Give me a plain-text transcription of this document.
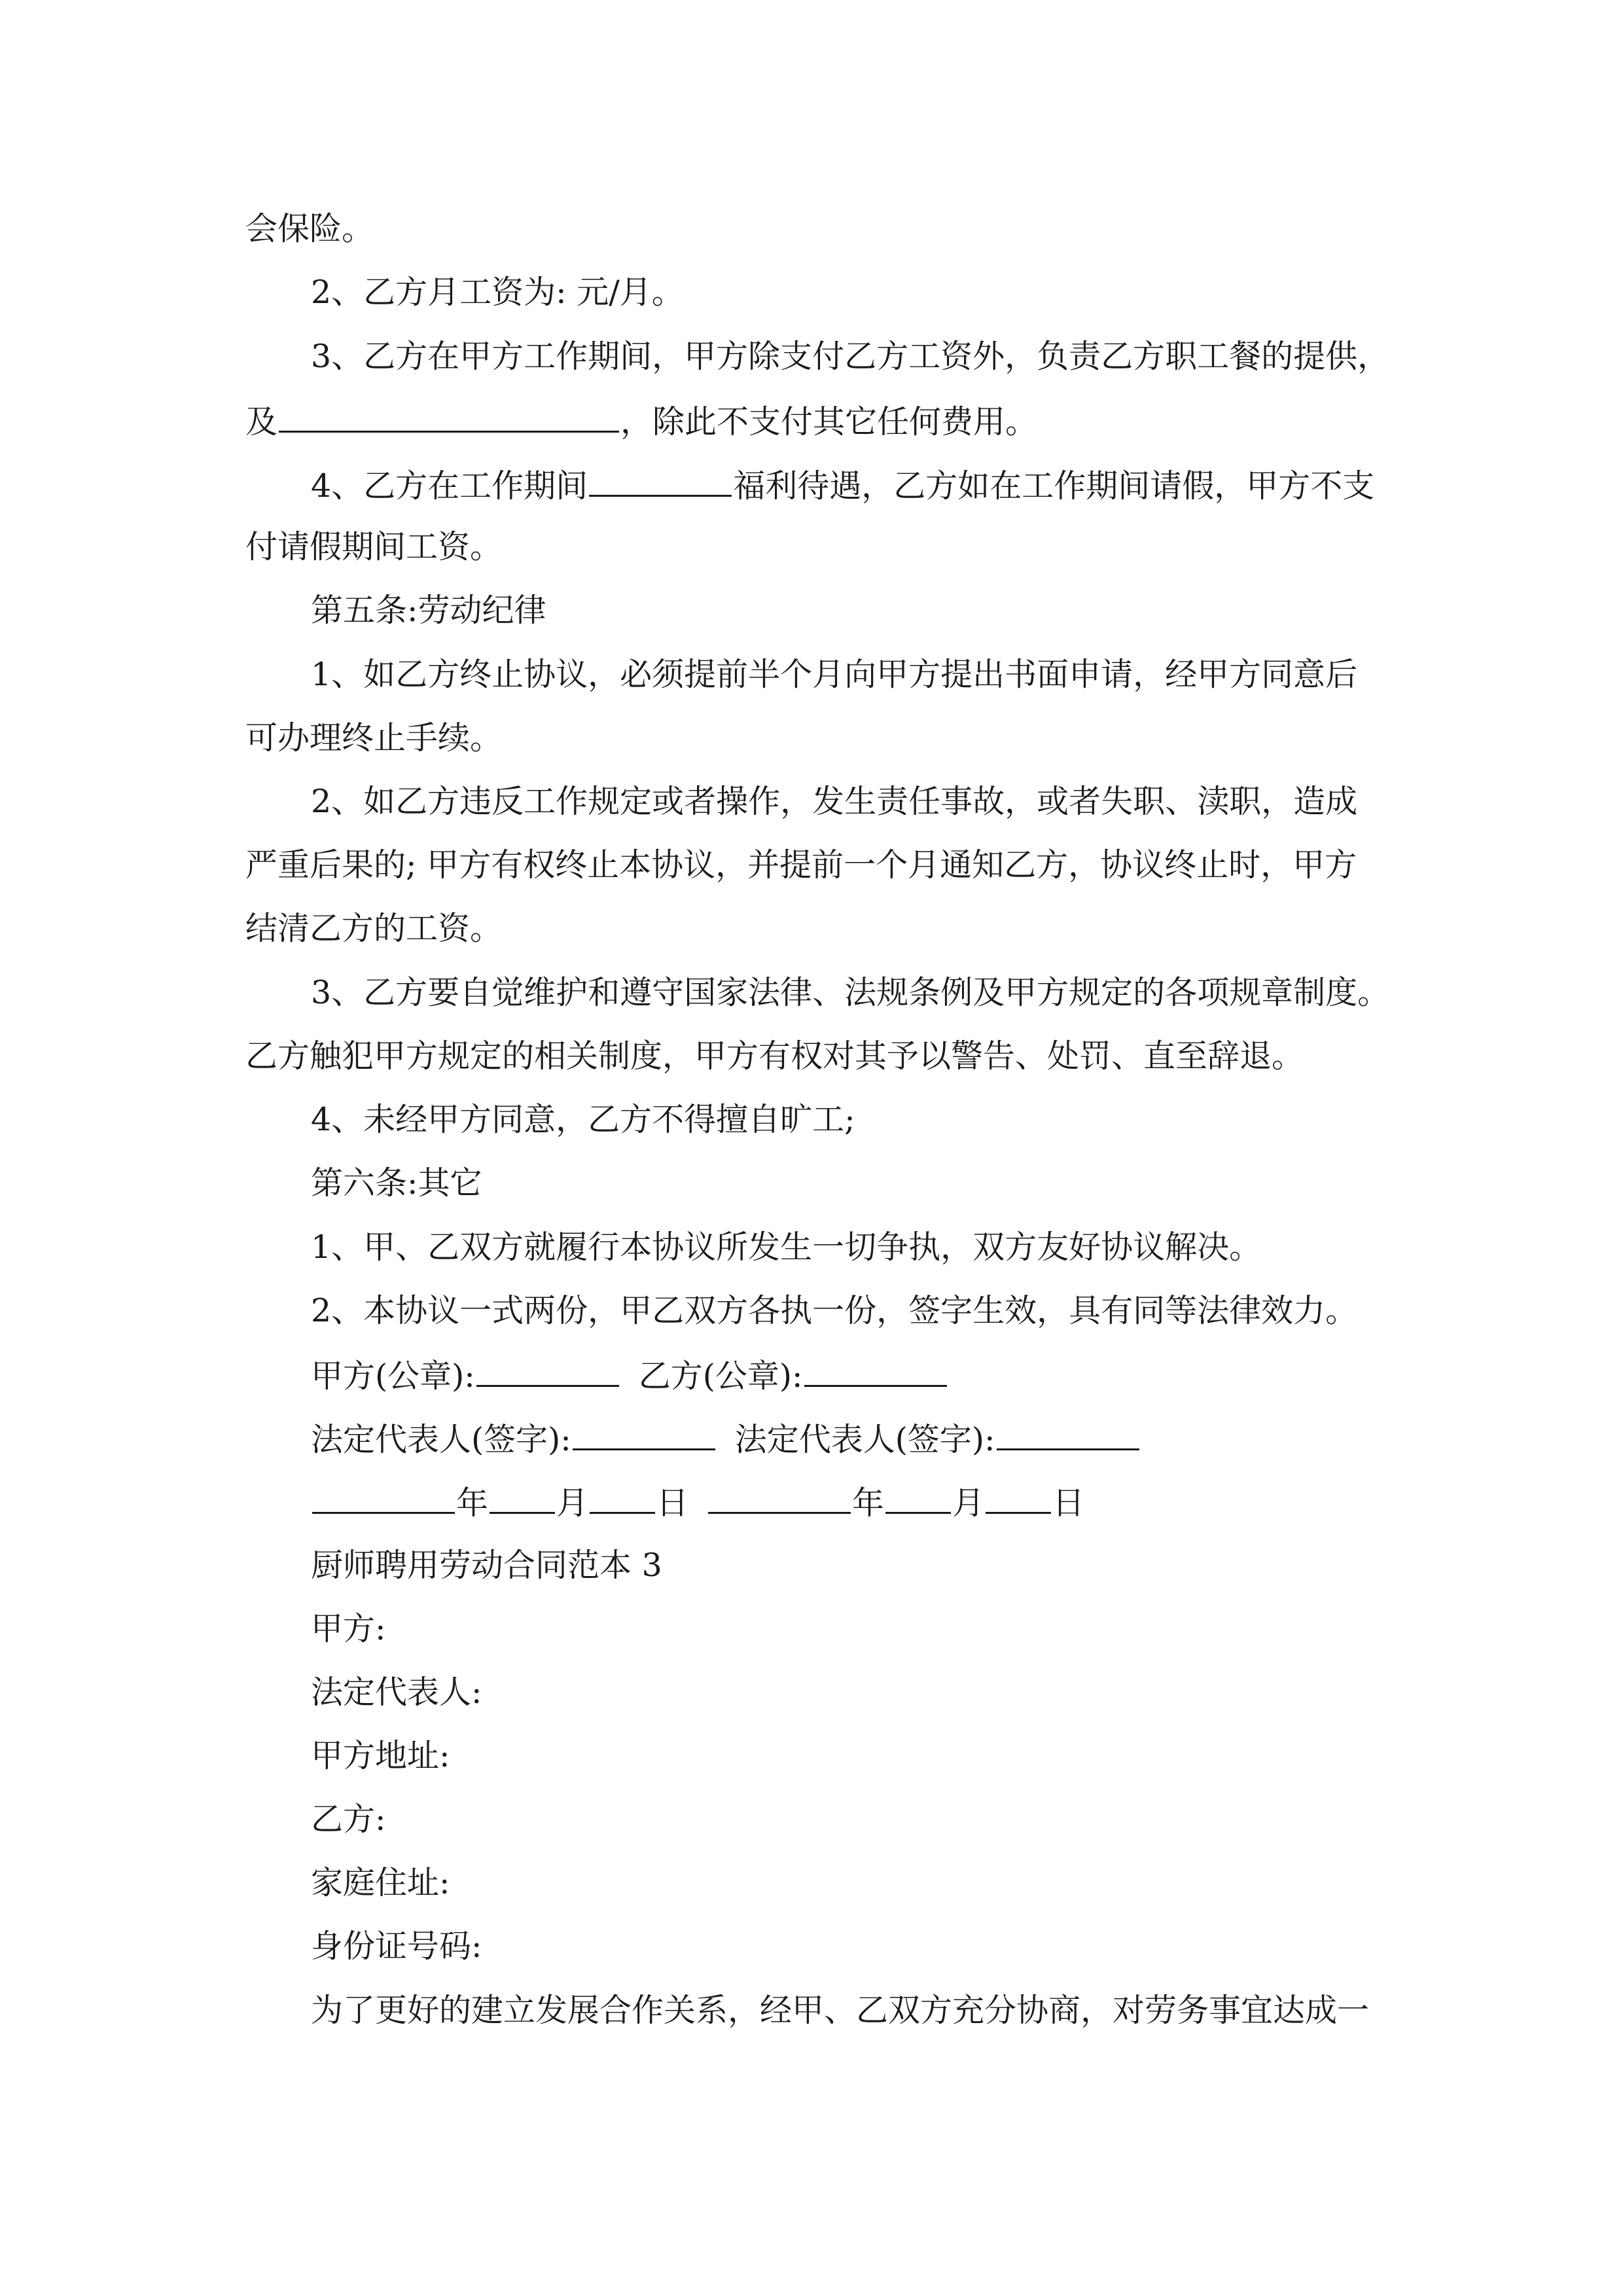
会保险。

2、乙方月工资为: 元/月。

3、乙方在甲方工作期间，甲方除支付乙方工资外，负责乙方职工餐的提供，

及	，除此不支付其它任何费用。

4、乙方在工作期间	福利待遇，乙方如在工作期间请假，甲方不支

付请假期间工资。

第五条:劳动纪律

1、如乙方终止协议，必须提前半个月向甲方提出书面申请，经甲方同意后

可办理终止手续。

2、如乙方违反工作规定或者操作，发生责任事故，或者失职、渎职，造成

严重后果的; 甲方有权终止本协议，并提前一个月通知乙方，协议终止时，甲方

结清乙方的工资。

3、乙方要自觉维护和遵守国家法律、法规条例及甲方规定的各项规章制度。

乙方触犯甲方规定的相关制度，甲方有权对其予以警告、处罚、直至辞退。

4、未经甲方同意，乙方不得擅自旷工;

第六条:其它

1、甲、乙双方就履行本协议所发生一切争执，双方友好协议解决。

2、本协议一式两份，甲乙双方各执一份，签字生效，具有同等法律效力。

甲方(公章):	乙方(公章):

法定代表人(签字):	法定代表人(签字):

年 月 日	年 月 日

厨师聘用劳动合同范本 3

甲方:

法定代表人:

甲方地址:

乙方:

家庭住址:

身份证号码:

为了更好的建立发展合作关系，经甲、乙双方充分协商，对劳务事宜达成一
